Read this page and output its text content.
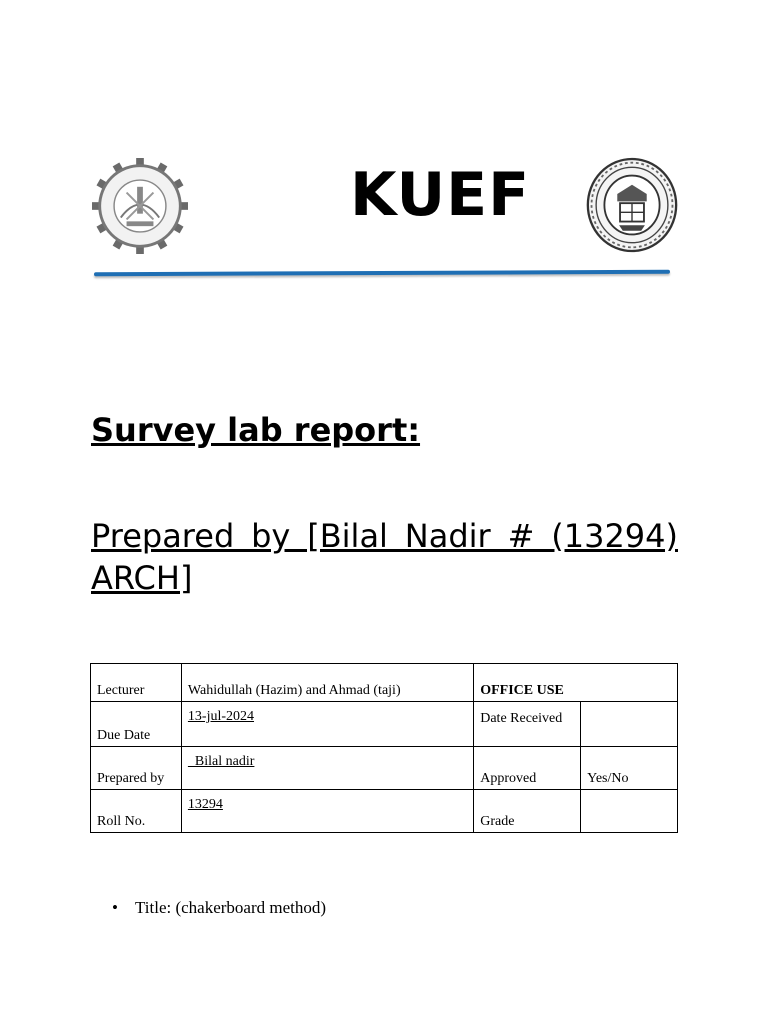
KUEF
Survey lab report:
Prepared by [Bilal Nadir # (13294) ARCH]
Lecturer	Wahidullah (Hazim) and Ahmad (taji)	OFFICE USE	
Due Date	13-jul-2024	Date Received	
Prepared by	Bilal nadir	Approved	Yes/No
Roll No.	13294	Grade	
• Title: (chakerboard method)
